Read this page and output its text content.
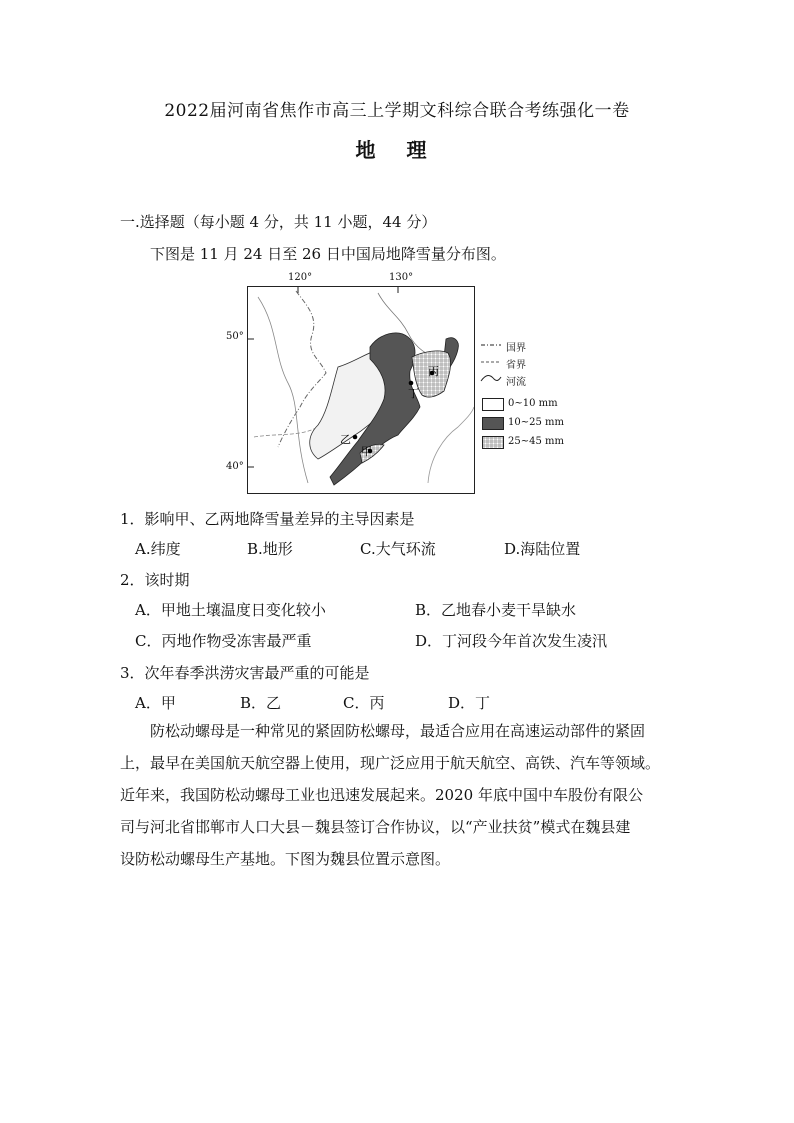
2022届河南省焦作市高三上学期文科综合联合考练强化一卷
地 理
一.选择题（每小题 4 分，共 11 小题，44 分）
下图是 11 月 24 日至 26 日中国局地降雪量分布图。
120°	130°
50°
40°
甲
乙
丙
丁
国界
省界
河流
0~10 mm
10~25 mm
25~45 mm
1．影响甲、乙两地降雪量差异的主导因素是
A.纬度	B.地形	C.大气环流	D.海陆位置
2．该时期
A．甲地土壤温度日变化较小	B．乙地春小麦干旱缺水
C．丙地作物受冻害最严重	D．丁河段今年首次发生凌汛
3．次年春季洪涝灾害最严重的可能是
A．甲	B．乙	C．丙	D．丁
防松动螺母是一种常见的紧固防松螺母，最适合应用在高速运动部件的紧固
上，最早在美国航天航空器上使用，现广泛应用于航天航空、高铁、汽车等领域。
近年来，我国防松动螺母工业也迅速发展起来。2020 年底中国中车股份有限公
司与河北省邯郸市人口大县－魏县签订合作协议，以“产业扶贫”模式在魏县建
设防松动螺母生产基地。下图为魏县位置示意图。
